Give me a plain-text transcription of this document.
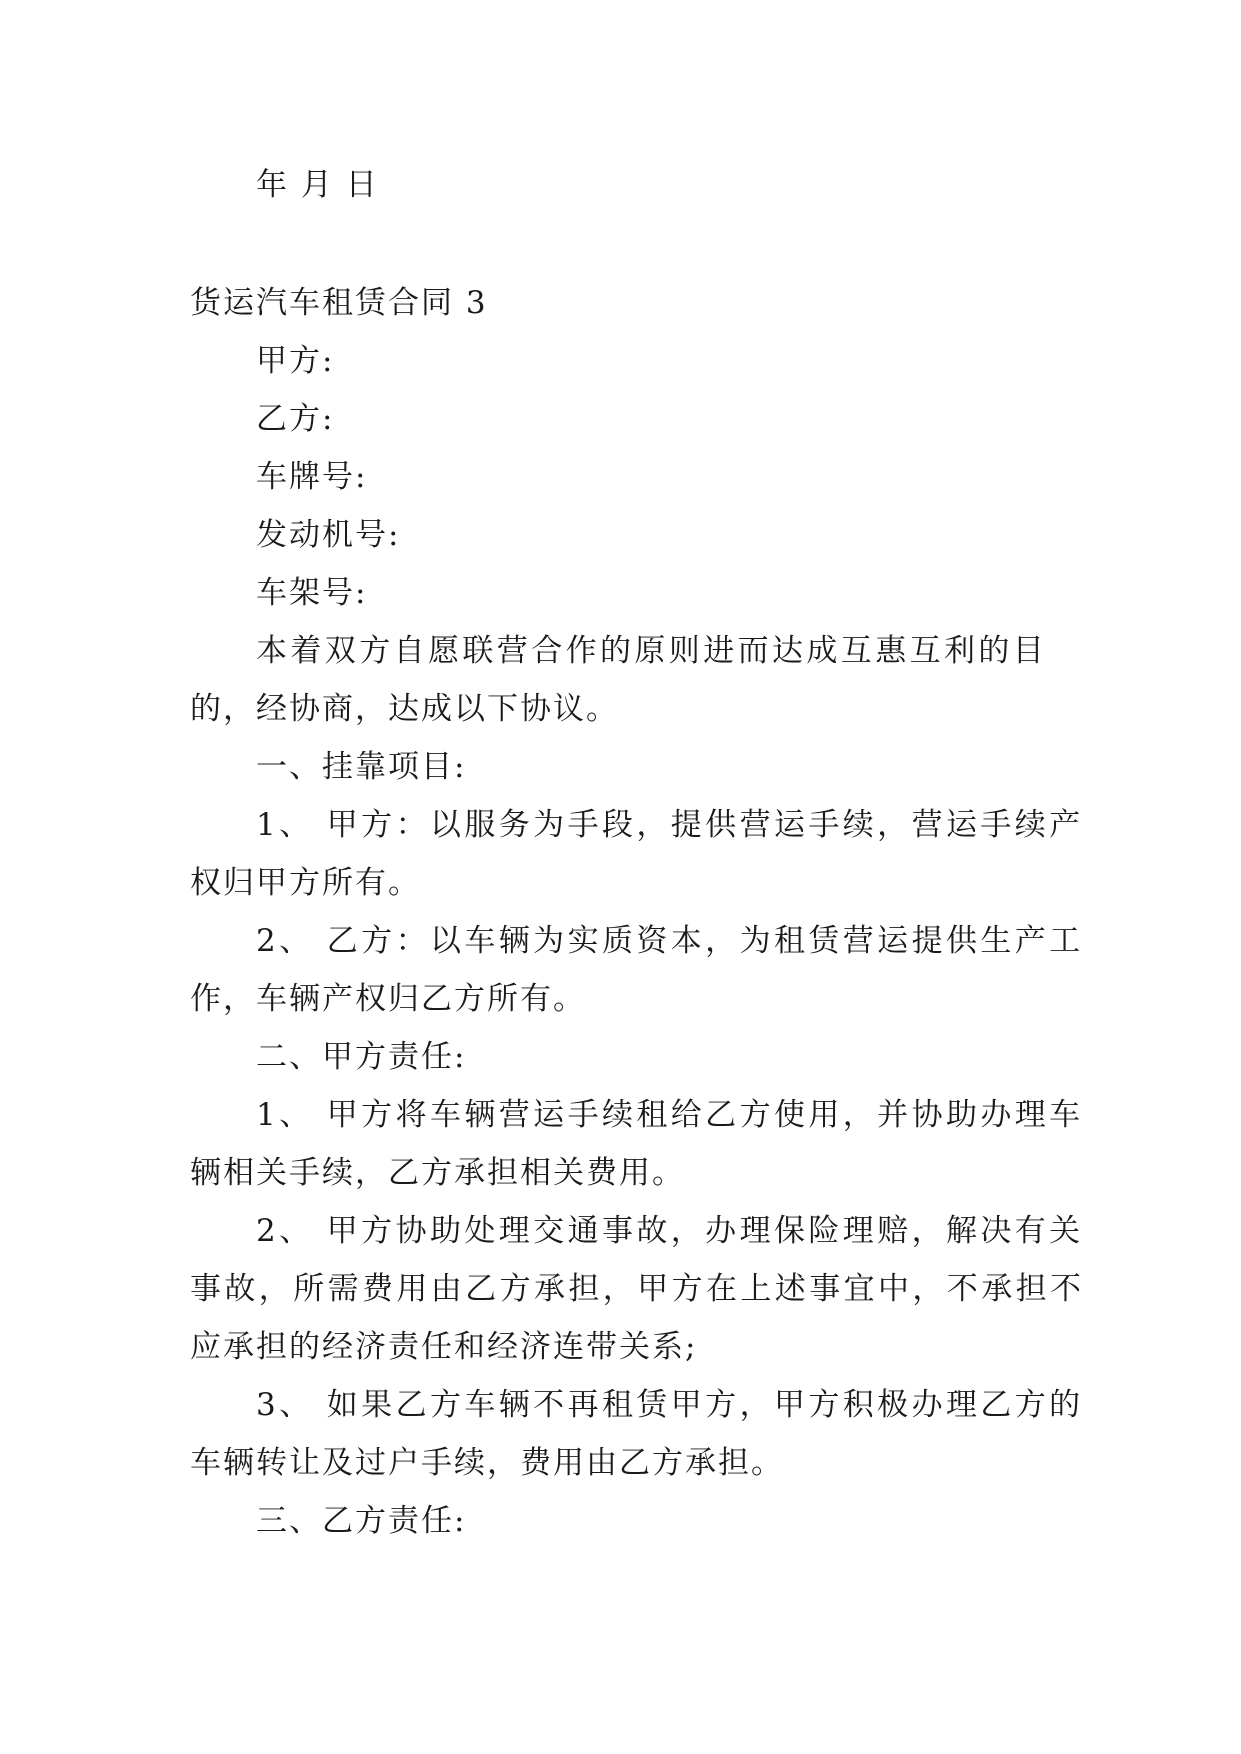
年 月 日
货运汽车租赁合同 3
甲方:
乙方:
车牌号:
发动机号:
车架号:
本着双方自愿联营合作的原则进而达成互惠互利的目
的，经协商，达成以下协议。
一、挂靠项目:
1、 甲方：以服务为手段，提供营运手续，营运手续产
权归甲方所有。
2、 乙方：以车辆为实质资本，为租赁营运提供生产工
作，车辆产权归乙方所有。
二、甲方责任:
1、 甲方将车辆营运手续租给乙方使用，并协助办理车
辆相关手续，乙方承担相关费用。
2、 甲方协助处理交通事故，办理保险理赔，解决有关
事故，所需费用由乙方承担，甲方在上述事宜中，不承担不
应承担的经济责任和经济连带关系;
3、 如果乙方车辆不再租赁甲方，甲方积极办理乙方的
车辆转让及过户手续，费用由乙方承担。
三、乙方责任:
